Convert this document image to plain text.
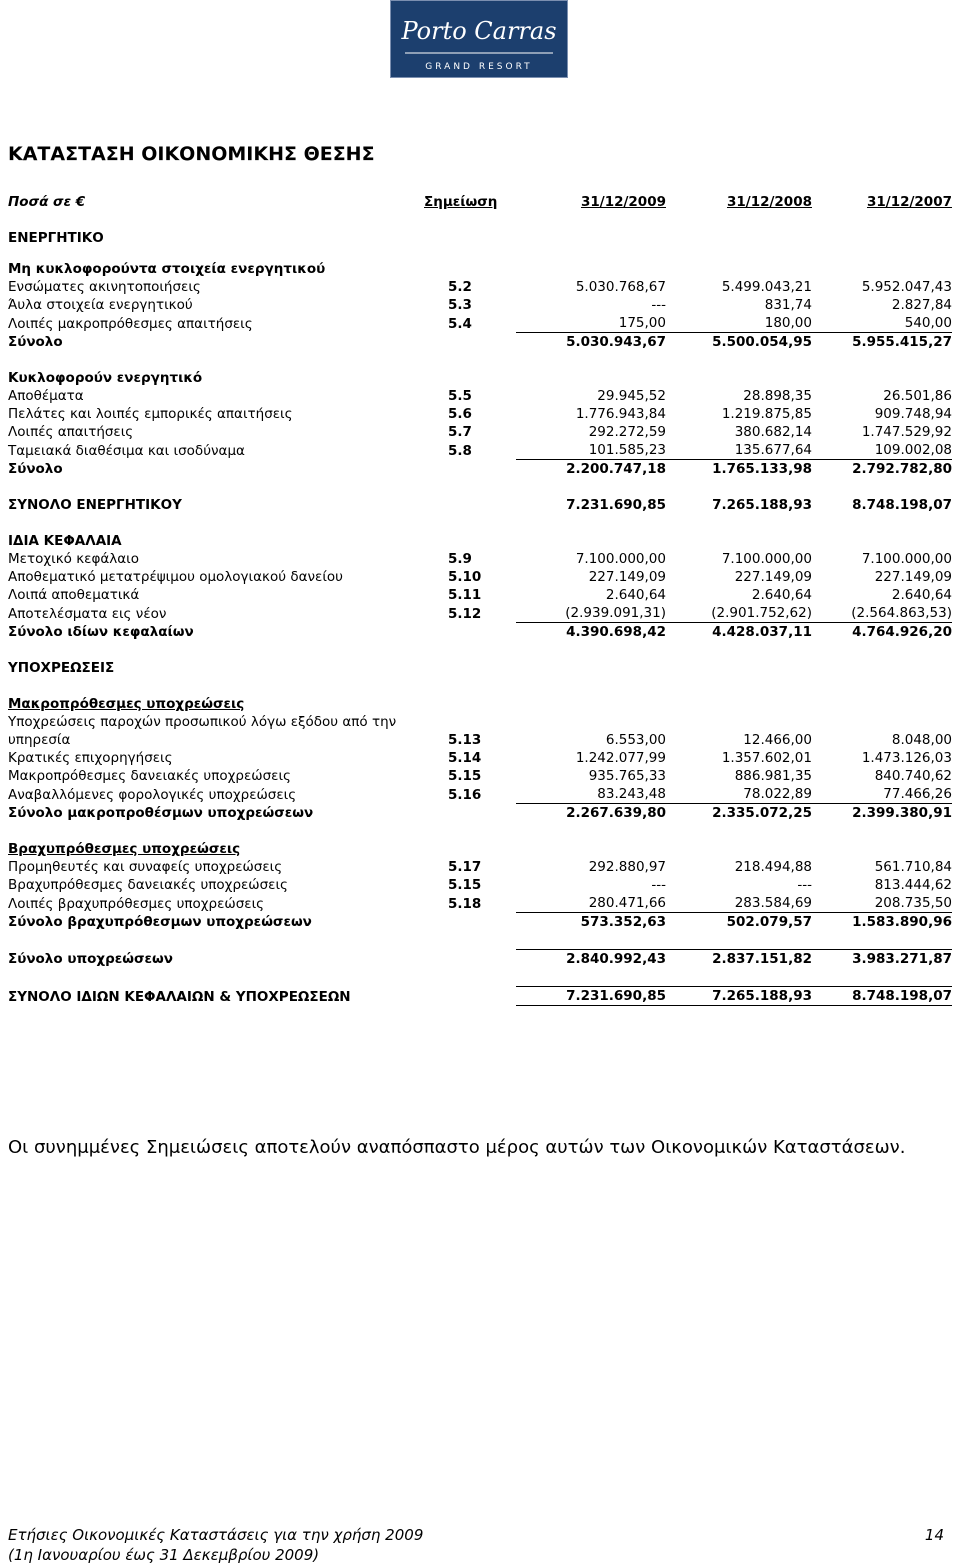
Porto Carras
GRAND RESORT
ΚΑΤΑΣΤΑΣΗ ΟΙΚΟΝΟΜΙΚΗΣ ΘΕΣΗΣ
Ποσά σε €	Σημείωση	31/12/2009	31/12/2008	31/12/2007

ΕΝΕΡΓΗΤΙΚΟ				

Μη κυκλοφορούντα στοιχεία ενεργητικού				
Ενσώματες ακινητοποιήσεις	5.2	5.030.768,67	5.499.043,21	5.952.047,43
Άυλα στοιχεία ενεργητικού	5.3	---	831,74	2.827,84
Λοιπές μακροπρόθεσμες απαιτήσεις	5.4	175,00	180,00	540,00
Σύνολο		5.030.943,67	5.500.054,95	5.955.415,27

Κυκλοφορούν ενεργητικό				
Αποθέματα	5.5	29.945,52	28.898,35	26.501,86
Πελάτες και λοιπές εμπορικές απαιτήσεις	5.6	1.776.943,84	1.219.875,85	909.748,94
Λοιπές απαιτήσεις	5.7	292.272,59	380.682,14	1.747.529,92
Ταμειακά διαθέσιμα και ισοδύναμα	5.8	101.585,23	135.677,64	109.002,08
Σύνολο		2.200.747,18	1.765.133,98	2.792.782,80

ΣΥΝΟΛΟ ΕΝΕΡΓΗΤΙΚΟΥ		7.231.690,85	7.265.188,93	8.748.198,07

ΙΔΙΑ ΚΕΦΑΛΑΙΑ				
Μετοχικό κεφάλαιο	5.9	7.100.000,00	7.100.000,00	7.100.000,00
Αποθεματικό μετατρέψιμου ομολογιακού δανείου	5.10	227.149,09	227.149,09	227.149,09
Λοιπά αποθεματικά	5.11	2.640,64	2.640,64	2.640,64
Αποτελέσματα εις νέον	5.12	(2.939.091,31)	(2.901.752,62)	(2.564.863,53)
Σύνολο ιδίων κεφαλαίων		4.390.698,42	4.428.037,11	4.764.926,20

ΥΠΟΧΡΕΩΣΕΙΣ				

Μακροπρόθεσμες υποχρεώσεις				
Υποχρεώσεις παροχών προσωπικού λόγω εξόδου από την υπηρεσία	5.13	6.553,00	12.466,00	8.048,00
Κρατικές επιχορηγήσεις	5.14	1.242.077,99	1.357.602,01	1.473.126,03
Μακροπρόθεσμες δανειακές υποχρεώσεις	5.15	935.765,33	886.981,35	840.740,62
Αναβαλλόμενες φορολογικές υποχρεώσεις	5.16	83.243,48	78.022,89	77.466,26
Σύνολο μακροπροθέσμων υποχρεώσεων		2.267.639,80	2.335.072,25	2.399.380,91

Βραχυπρόθεσμες υποχρεώσεις				
Προμηθευτές και συναφείς υποχρεώσεις	5.17	292.880,97	218.494,88	561.710,84
Βραχυπρόθεσμες δανειακές υποχρεώσεις	5.15	---	---	813.444,62
Λοιπές βραχυπρόθεσμες υποχρεώσεις	5.18	280.471,66	283.584,69	208.735,50
Σύνολο βραχυπρόθεσμων υποχρεώσεων		573.352,63	502.079,57	1.583.890,96

Σύνολο υποχρεώσεων		2.840.992,43	2.837.151,82	3.983.271,87

ΣΥΝΟΛΟ ΙΔΙΩΝ ΚΕΦΑΛΑΙΩΝ & ΥΠΟΧΡΕΩΣΕΩΝ		7.231.690,85	7.265.188,93	8.748.198,07

Οι συνημμένες Σημειώσεις αποτελούν αναπόσπαστο μέρος αυτών των Οικονομικών Καταστάσεων.

Ετήσιες Οικονομικές Καταστάσεις για την χρήση 2009
(1η Ιανουαρίου έως 31 Δεκεμβρίου 2009)
14
